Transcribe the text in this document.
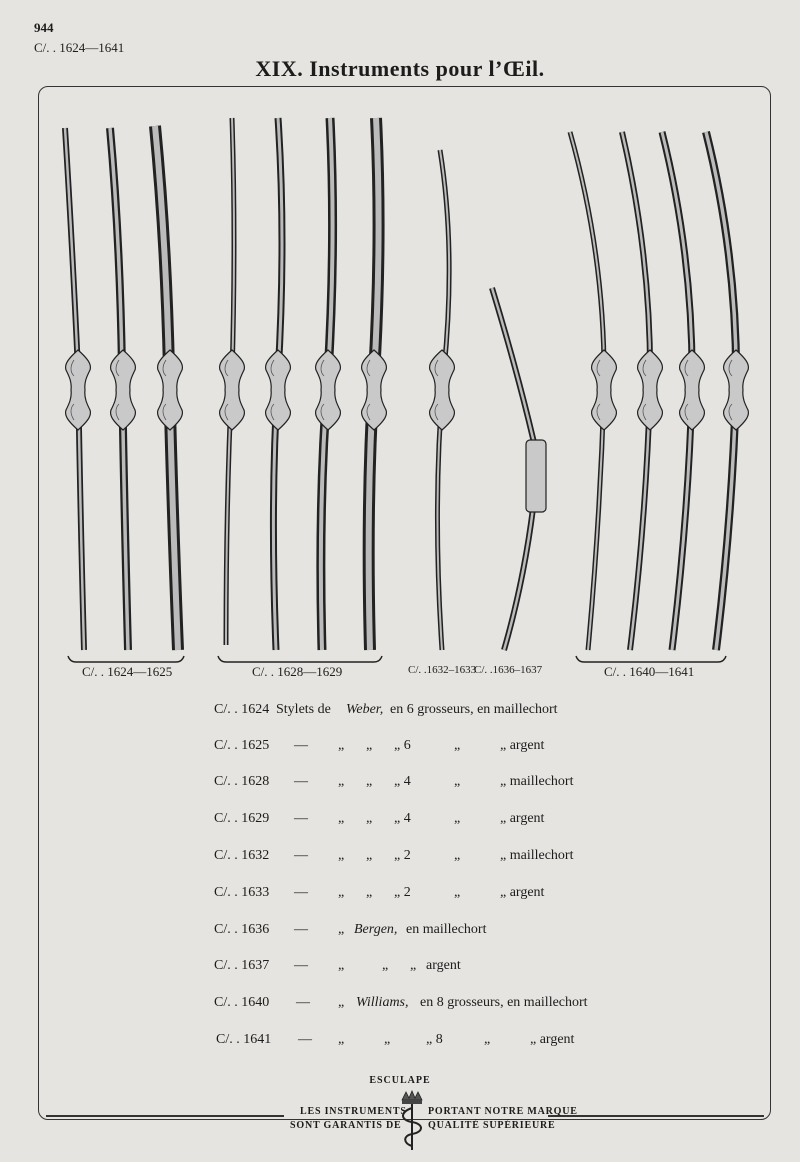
944
C/. . 1624—1641
XIX. Instruments pour l’Œil.
C/. . 1624—1625	C/. . 1628—1629	C/. .1632–1633
C/. .1636–1637	C/. . 1640—1641
C/. . 1624 Stylets de Weber, en 6 grosseurs, en maillechort
C/. . 1625 — „ „ „ 6	„	„ argent
C/. . 1628 — „ „ „ 4	„	„ maillechort
C/. . 1629 — „ „ „ 4	„	„ argent
C/. . 1632 — „ „ „ 2	„	„ maillechort
C/. . 1633 — „ „ „ 2	„	„ argent
C/. . 1636 — „ Bergen, en maillechort
C/. . 1637 — „	„ „ argent
C/. . 1640 — „ Williams, en 8 grosseurs, en maillechort
C/. . 1641 — „	„	„ 8	„	„ argent
ESCULAPE
LES INSTRUMENTS PORTANT NOTRE MARQUE
SONT GARANTIS DE	QUALITÉ SUPÉRIEURE
